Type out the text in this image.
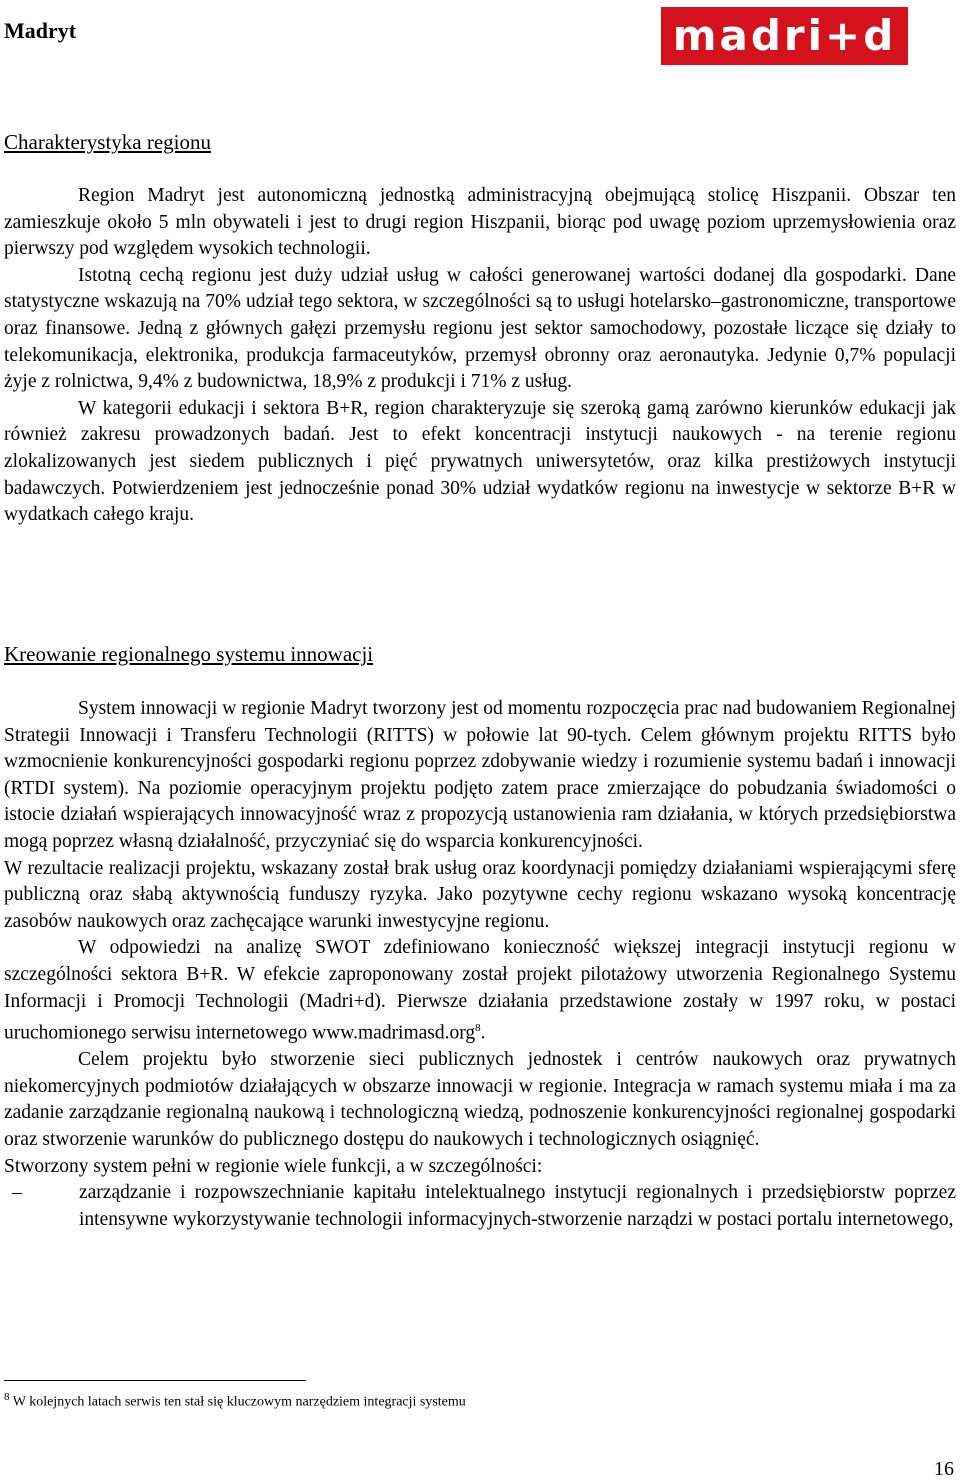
Madryt	madri+d
Charakterystyka regionu

Region Madryt jest autonomiczną jednostką administracyjną obejmującą stolicę Hiszpanii. Obszar ten zamieszkuje około 5 mln obywateli i jest to drugi region Hiszpanii, biorąc pod uwagę poziom uprzemysłowienia oraz pierwszy pod względem wysokich technologii.

Istotną cechą regionu jest duży udział usług w całości generowanej wartości dodanej dla gospodarki. Dane statystyczne wskazują na 70% udział tego sektora, w szczególności są to usługi hotelarsko–gastronomiczne, transportowe oraz finansowe. Jedną z głównych gałęzi przemysłu regionu jest sektor samochodowy, pozostałe liczące się działy to telekomunikacja, elektronika, produkcja farmaceutyków, przemysł obronny oraz aeronautyka. Jedynie 0,7% populacji żyje z rolnictwa, 9,4% z budownictwa, 18,9% z produkcji i 71% z usług.

W kategorii edukacji i sektora B+R, region charakteryzuje się szeroką gamą zarówno kierunków edukacji jak również zakresu prowadzonych badań. Jest to efekt koncentracji instytucji naukowych - na terenie regionu zlokalizowanych jest siedem publicznych i pięć prywatnych uniwersytetów, oraz kilka prestiżowych instytucji badawczych. Potwierdzeniem jest jednocześnie ponad 30% udział wydatków regionu na inwestycje w sektorze B+R w wydatkach całego kraju.

Kreowanie regionalnego systemu innowacji

System innowacji w regionie Madryt tworzony jest od momentu rozpoczęcia prac nad budowaniem Regionalnej Strategii Innowacji i Transferu Technologii (RITTS) w połowie lat 90-tych. Celem głównym projektu RITTS było wzmocnienie konkurencyjności gospodarki regionu poprzez zdobywanie wiedzy i rozumienie systemu badań i innowacji (RTDI system). Na poziomie operacyjnym projektu podjęto zatem prace zmierzające do pobudzania świadomości o istocie działań wspierających innowacyjność wraz z propozycją ustanowienia ram działania, w których przedsiębiorstwa mogą poprzez własną działalność, przyczyniać się do wsparcia konkurencyjności.

W rezultacie realizacji projektu, wskazany został brak usług oraz koordynacji pomiędzy działaniami wspierającymi sferę publiczną oraz słabą aktywnością funduszy ryzyka. Jako pozytywne cechy regionu wskazano wysoką koncentrację zasobów naukowych oraz zachęcające warunki inwestycyjne regionu.

W odpowiedzi na analizę SWOT zdefiniowano konieczność większej integracji instytucji regionu w szczególności sektora B+R. W efekcie zaproponowany został projekt pilotażowy utworzenia Regionalnego Systemu Informacji i Promocji Technologii (Madri+d). Pierwsze działania przedstawione zostały w 1997 roku, w postaci uruchomionego serwisu internetowego www.madrimasd.org$^8$.

Celem projektu było stworzenie sieci publicznych jednostek i centrów naukowych oraz prywatnych niekomercyjnych podmiotów działających w obszarze innowacji w regionie. Integracja w ramach systemu miała i ma za zadanie zarządzanie regionalną naukową i technologiczną wiedzą, podnoszenie konkurencyjności regionalnej gospodarki oraz stworzenie warunków do publicznego dostępu do naukowych i technologicznych osiągnięć.

Stworzony system pełni w regionie wiele funkcji, a w szczególności:

–	zarządzanie i rozpowszechnianie kapitału intelektualnego instytucji regionalnych i przedsiębiorstw poprzez intensywne wykorzystywanie technologii informacyjnych-stworzenie narządzi w postaci portalu internetowego,
$^8$ W kolejnych latach serwis ten stał się kluczowym narzędziem integracji systemu
16
